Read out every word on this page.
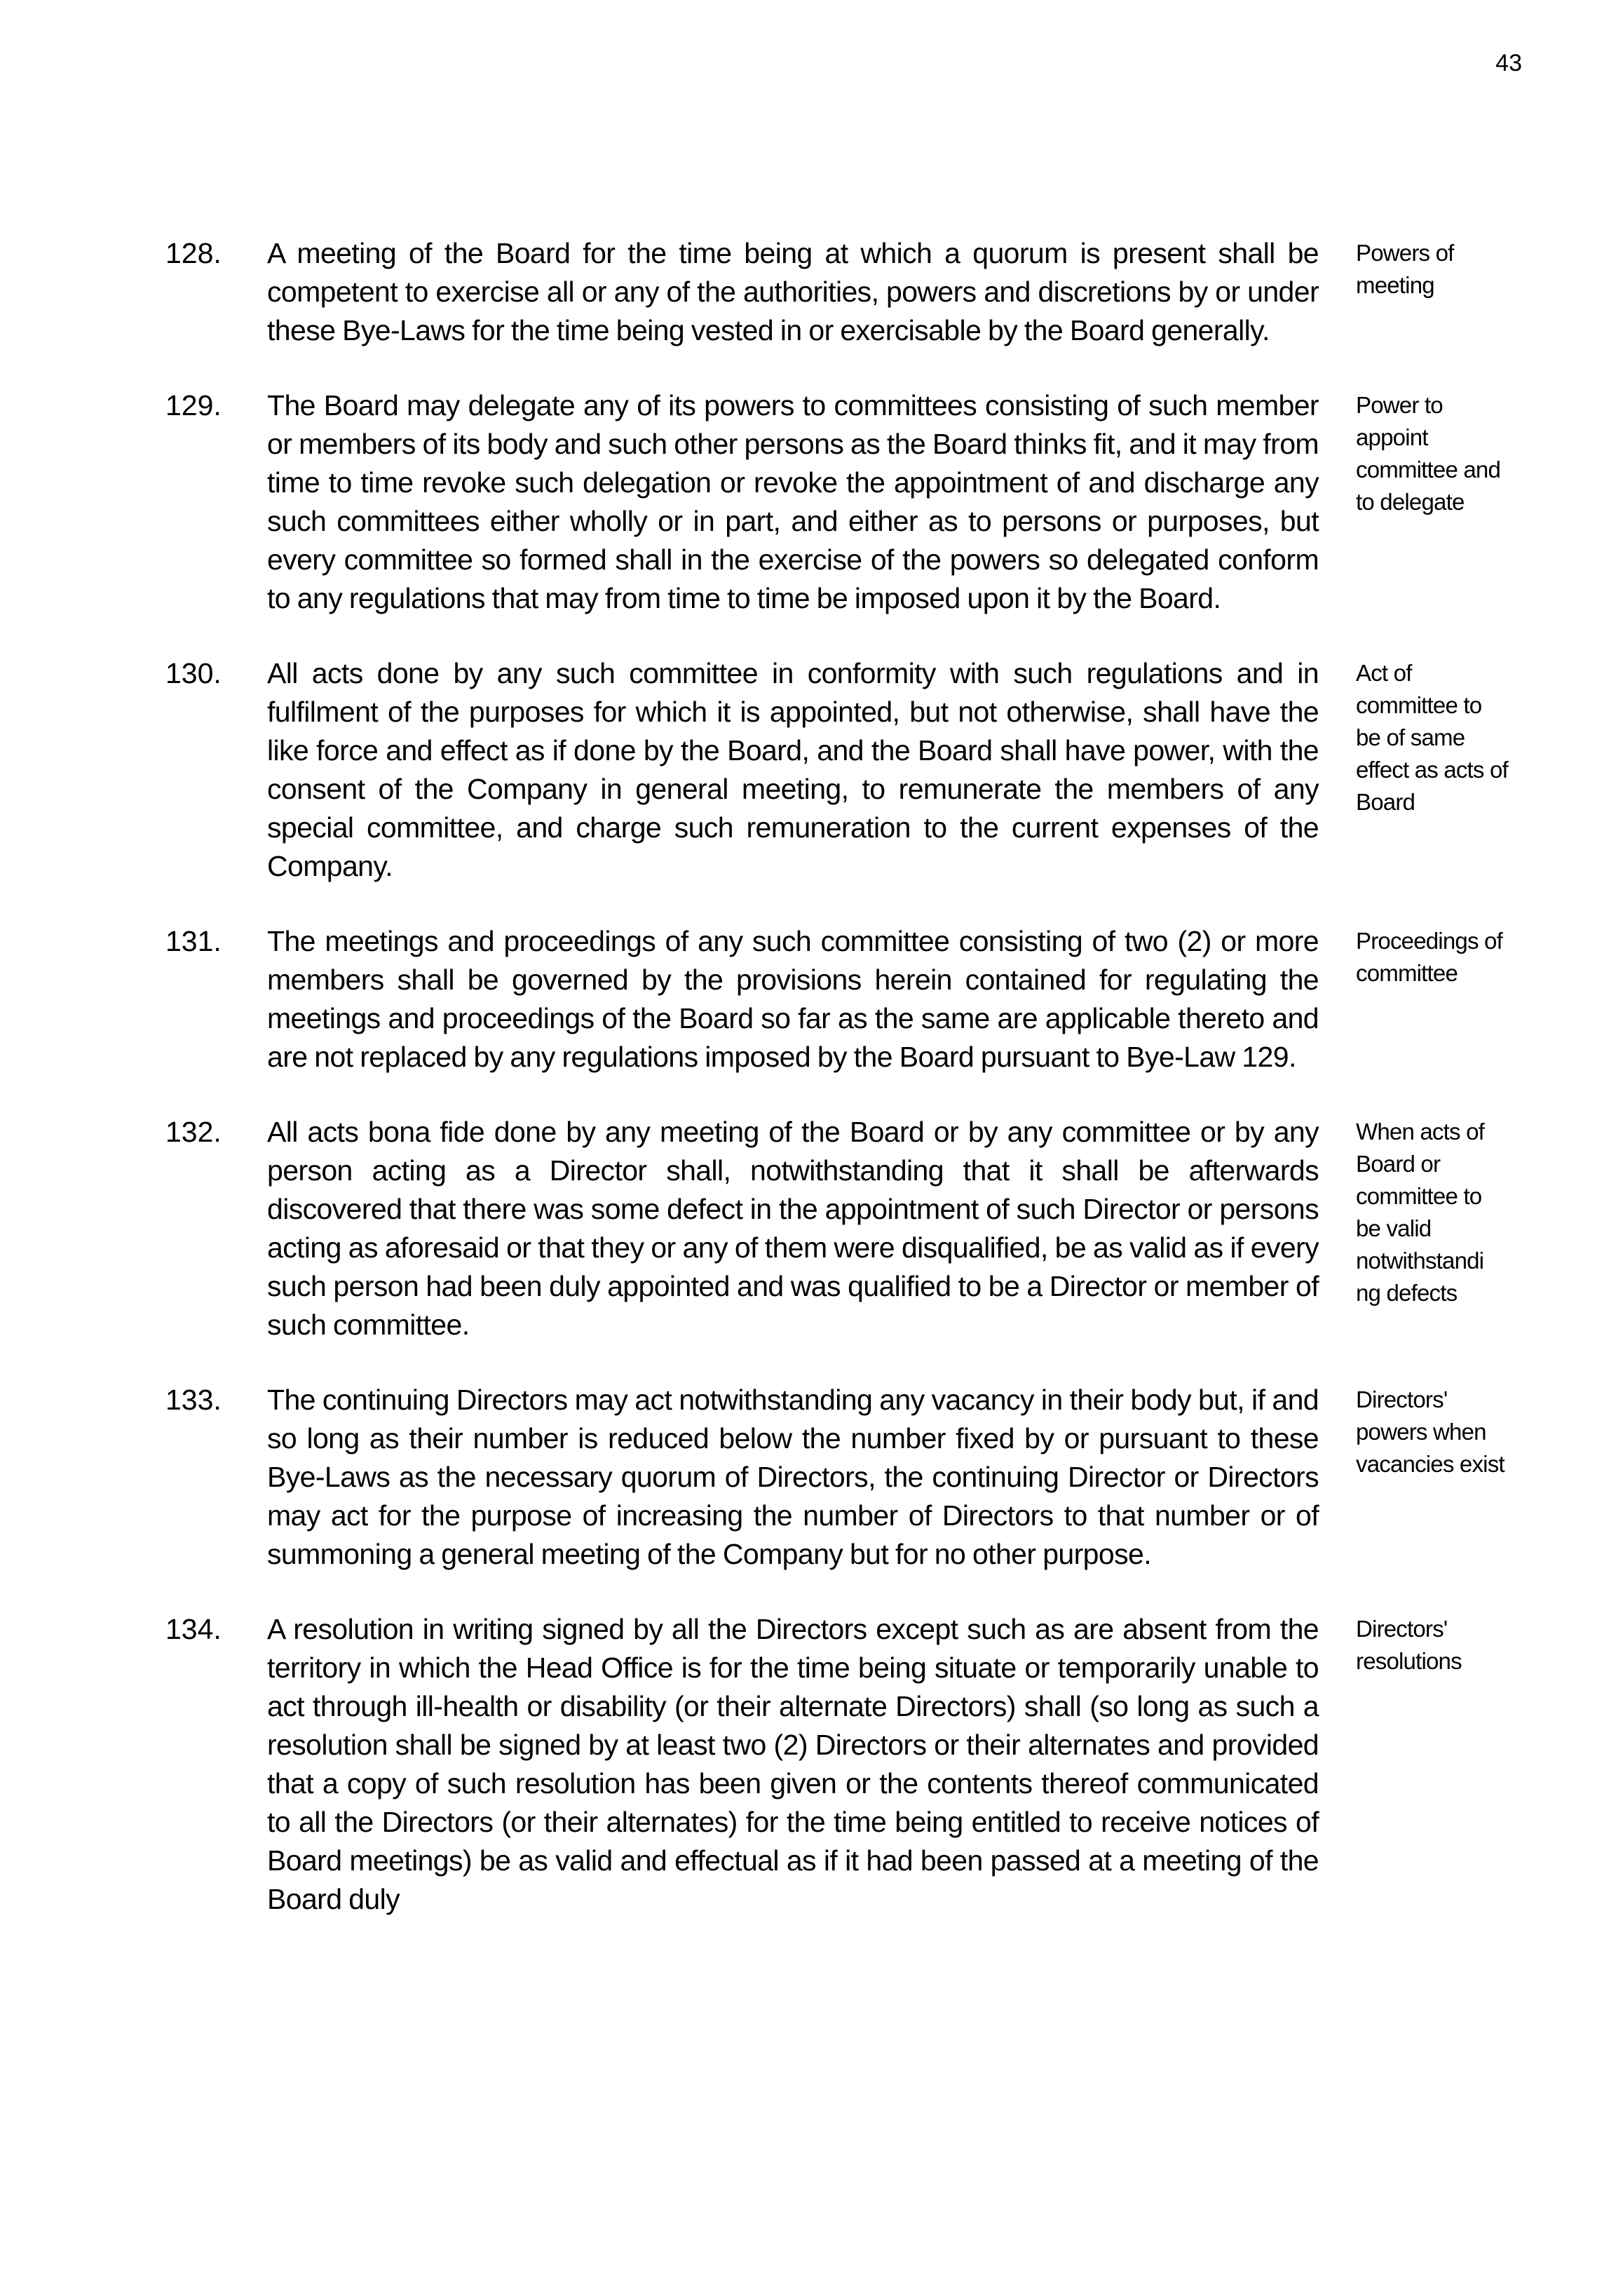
43
128. A meeting of the Board for the time being at which a quorum is present shall be competent to exercise all or any of the authorities, powers and discretions by or under these Bye-Laws for the time being vested in or exercisable by the Board generally.
Powers of meeting
129. The Board may delegate any of its powers to committees consisting of such member or members of its body and such other persons as the Board thinks fit, and it may from time to time revoke such delegation or revoke the appointment of and discharge any such committees either wholly or in part, and either as to persons or purposes, but every committee so formed shall in the exercise of the powers so delegated conform to any regulations that may from time to time be imposed upon it by the Board.
Power to appoint committee and to delegate
130. All acts done by any such committee in conformity with such regulations and in fulfilment of the purposes for which it is appointed, but not otherwise, shall have the like force and effect as if done by the Board, and the Board shall have power, with the consent of the Company in general meeting, to remunerate the members of any special committee, and charge such remuneration to the current expenses of the Company.
Act of committee to be of same effect as acts of Board
131. The meetings and proceedings of any such committee consisting of two (2) or more members shall be governed by the provisions herein contained for regulating the meetings and proceedings of the Board so far as the same are applicable thereto and are not replaced by any regulations imposed by the Board pursuant to Bye-Law 129.
Proceedings of committee
132. All acts bona fide done by any meeting of the Board or by any committee or by any person acting as a Director shall, notwithstanding that it shall be afterwards discovered that there was some defect in the appointment of such Director or persons acting as aforesaid or that they or any of them were disqualified, be as valid as if every such person had been duly appointed and was qualified to be a Director or member of such committee.
When acts of Board or committee to be valid notwithstandi ng defects
133. The continuing Directors may act notwithstanding any vacancy in their body but, if and so long as their number is reduced below the number fixed by or pursuant to these Bye-Laws as the necessary quorum of Directors, the continuing Director or Directors may act for the purpose of increasing the number of Directors to that number or of summoning a general meeting of the Company but for no other purpose.
Directors' powers when vacancies exist
134. A resolution in writing signed by all the Directors except such as are absent from the territory in which the Head Office is for the time being situate or temporarily unable to act through ill-health or disability (or their alternate Directors) shall (so long as such a resolution shall be signed by at least two (2) Directors or their alternates and provided that a copy of such resolution has been given or the contents thereof communicated to all the Directors (or their alternates) for the time being entitled to receive notices of Board meetings) be as valid and effectual as if it had been passed at a meeting of the Board duly
Directors' resolutions
